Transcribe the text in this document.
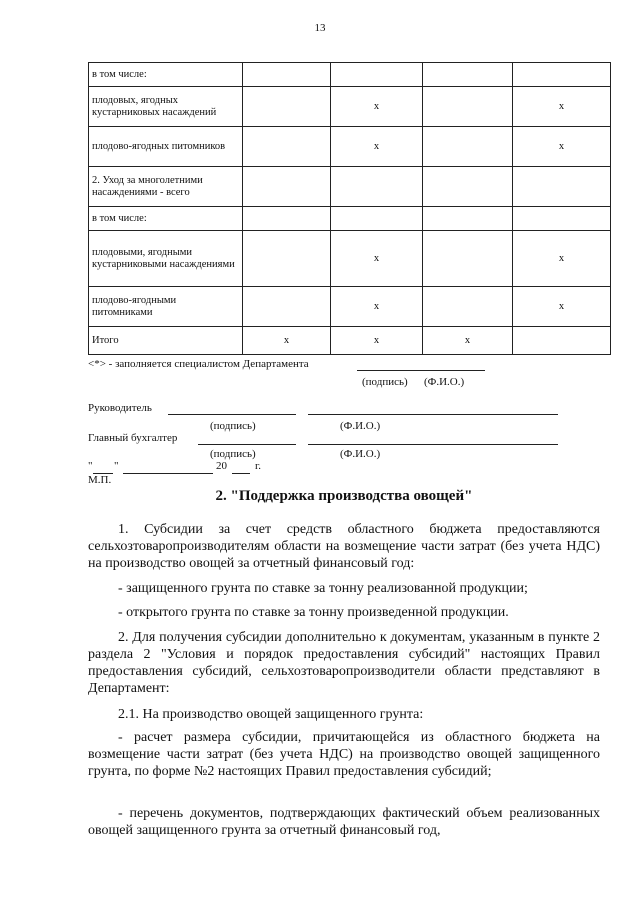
13
в том числе:				
плодовых, ягодных кустарниковых насаждений		x		x
плодово-ягодных питомников		x		x
2. Уход за многолетними насаждениями - всего				
в том числе:				
плодовыми, ягодными кустарниковыми насаждениями		x		x
плодово-ягодными питомниками		x		x
Итого	x	x	x	
<*> - заполняется специалистом Департамента
(подпись) (Ф.И.О.)
Руководитель
(подпись)	(Ф.И.О.)
Главный бухгалтер
(подпись)	(Ф.И.О.)
" "	20	г.
М.П.
2. "Поддержка производства овощей"
1. Субсидии за счет средств областного бюджета предоставляются сельхозтоваропроизводителям области на возмещение части затрат (без учета НДС) на производство овощей за отчетный финансовый год:
- защищенного грунта по ставке за тонну реализованной продукции;
- открытого грунта по ставке за тонну произведенной продукции.
2. Для получения субсидии дополнительно к документам, указанным в пункте 2 раздела 2 "Условия и порядок предоставления субсидий" настоящих Правил предоставления субсидий, сельхозтоваропроизводители области представляют в Департамент:
2.1. На производство овощей защищенного грунта:
- расчет размера субсидии, причитающейся из областного бюджета на возмещение части затрат (без учета НДС) на производство овощей защищенного грунта, по форме №2 настоящих Правил предоставления субсидий;
- перечень документов, подтверждающих фактический объем реализованных овощей защищенного грунта за отчетный финансовый год,
